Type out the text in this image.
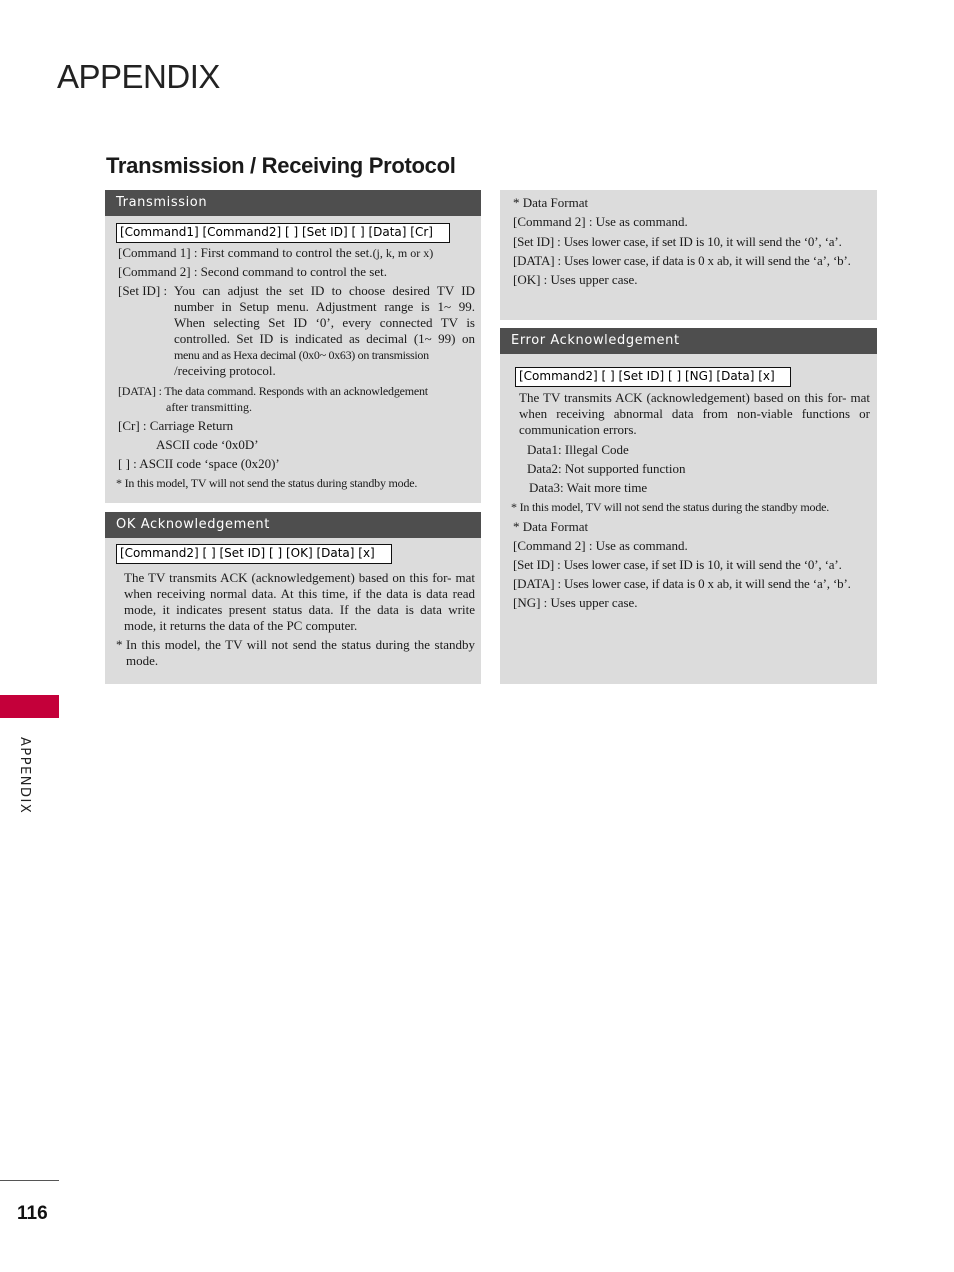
APPENDIX
Transmission / Receiving Protocol
Transmission
[Command1] [Command2] [ ] [Set ID] [ ] [Data] [Cr]
[Command 1] : First command to control the set.(j, k, m or x)
[Command 2] : Second command to control the set.
[Set ID] : You can adjust the set ID to choose desired TV ID
number in Setup menu. Adjustment range is 1~ 99.
When selecting Set ID ‘0’, every connected TV is
controlled. Set ID is indicated as decimal (1~ 99) on
menu and as Hexa decimal (0x0~ 0x63) on transmission
/receiving protocol.
[DATA] : The data command. Responds with an acknowledgement
after transmitting.
[Cr] : Carriage Return
ASCII code ‘0x0D’
[ ] : ASCII code ‘space (0x20)’
* In this model, TV will not send the status during standby mode.
OK Acknowledgement
[Command2] [ ] [Set ID] [ ] [OK] [Data] [x]
The TV transmits ACK (acknowledgement) based on this for- mat when receiving normal data. At this time, if the data is data read mode, it indicates present status data. If the data is data write mode, it returns the data of the PC computer.
* In this model, the TV will not send the status during the standby mode.
* Data Format
[Command 2] : Use as command.
[Set ID] : Uses lower case, if set ID is 10, it will send the ‘0’, ‘a’.
[DATA] : Uses lower case, if data is 0 x ab, it will send the ‘a’, ‘b’.
[OK] : Uses upper case.
Error Acknowledgement
[Command2] [ ] [Set ID] [ ] [NG] [Data] [x]
The TV transmits ACK (acknowledgement) based on this for- mat when receiving abnormal data from non-viable functions or communication errors.
Data1: Illegal Code
Data2: Not supported function
Data3: Wait more time
* In this model, TV will not send the status during the standby mode.
* Data Format
[Command 2] : Use as command.
[Set ID] : Uses lower case, if set ID is 10, it will send the ‘0’, ‘a’.
[DATA] : Uses lower case, if data is 0 x ab, it will send the ‘a’, ‘b’.
[NG] : Uses upper case.
APPENDIX
116
